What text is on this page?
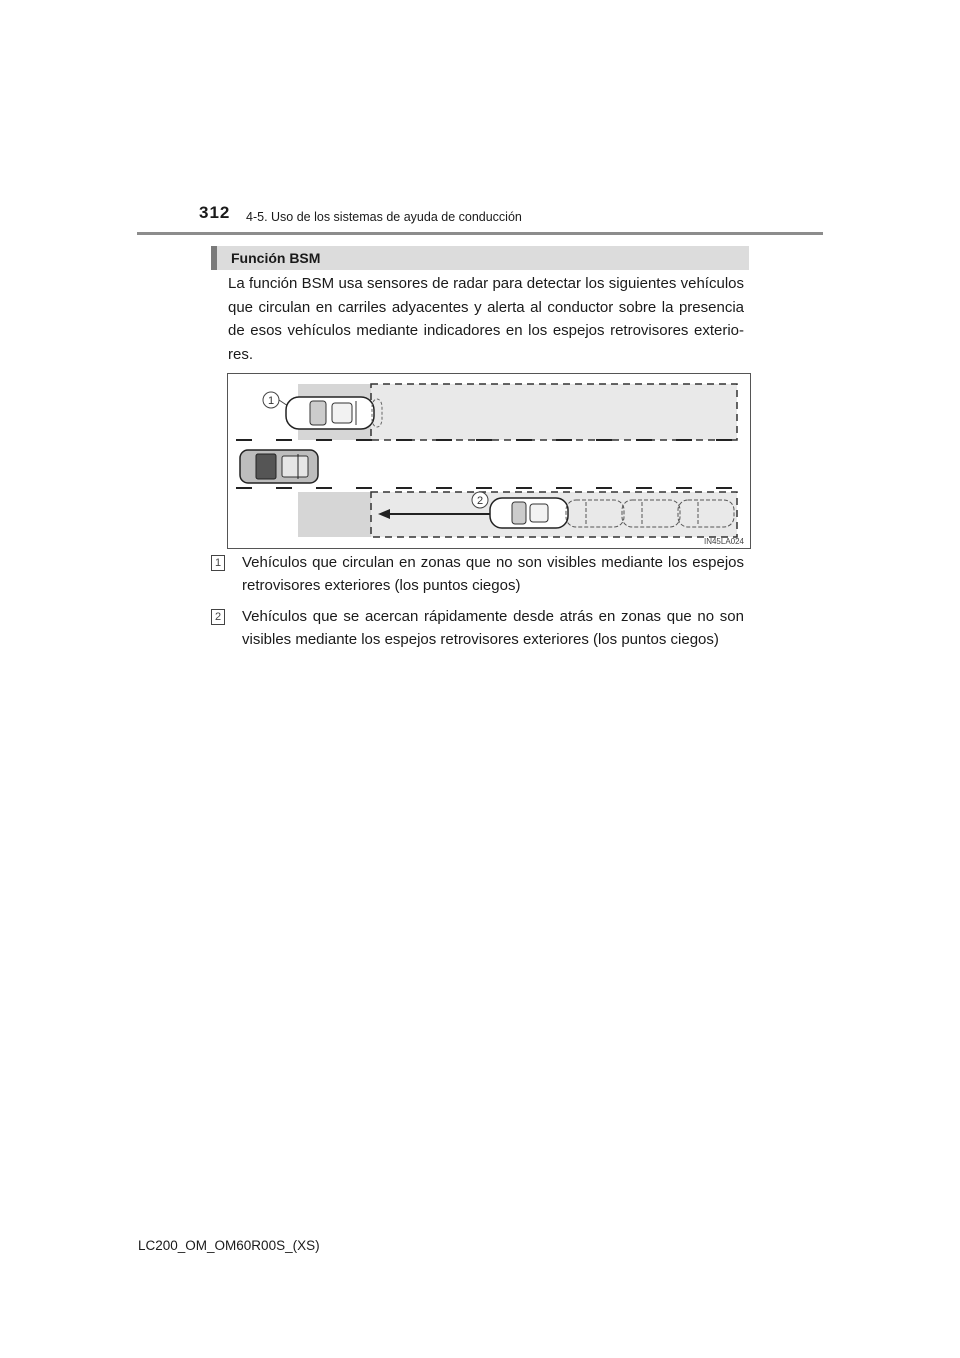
312 4-5. Uso de los sistemas de ayuda de conducción
Función BSM

La función BSM usa sensores de radar para detectar los siguientes vehículos que circulan en carriles adyacentes y alerta al conductor sobre la presencia de esos vehículos mediante indicadores en los espejos retrovisores exterio-res.

1
2
IN45LA024
1 Vehículos que circulan en zonas que no son visibles mediante los espejos retrovisores exteriores (los puntos ciegos)
2 Vehículos que se acercan rápidamente desde atrás en zonas que no son visibles mediante los espejos retrovisores exteriores (los puntos ciegos)
LC200_OM_OM60R00S_(XS)
